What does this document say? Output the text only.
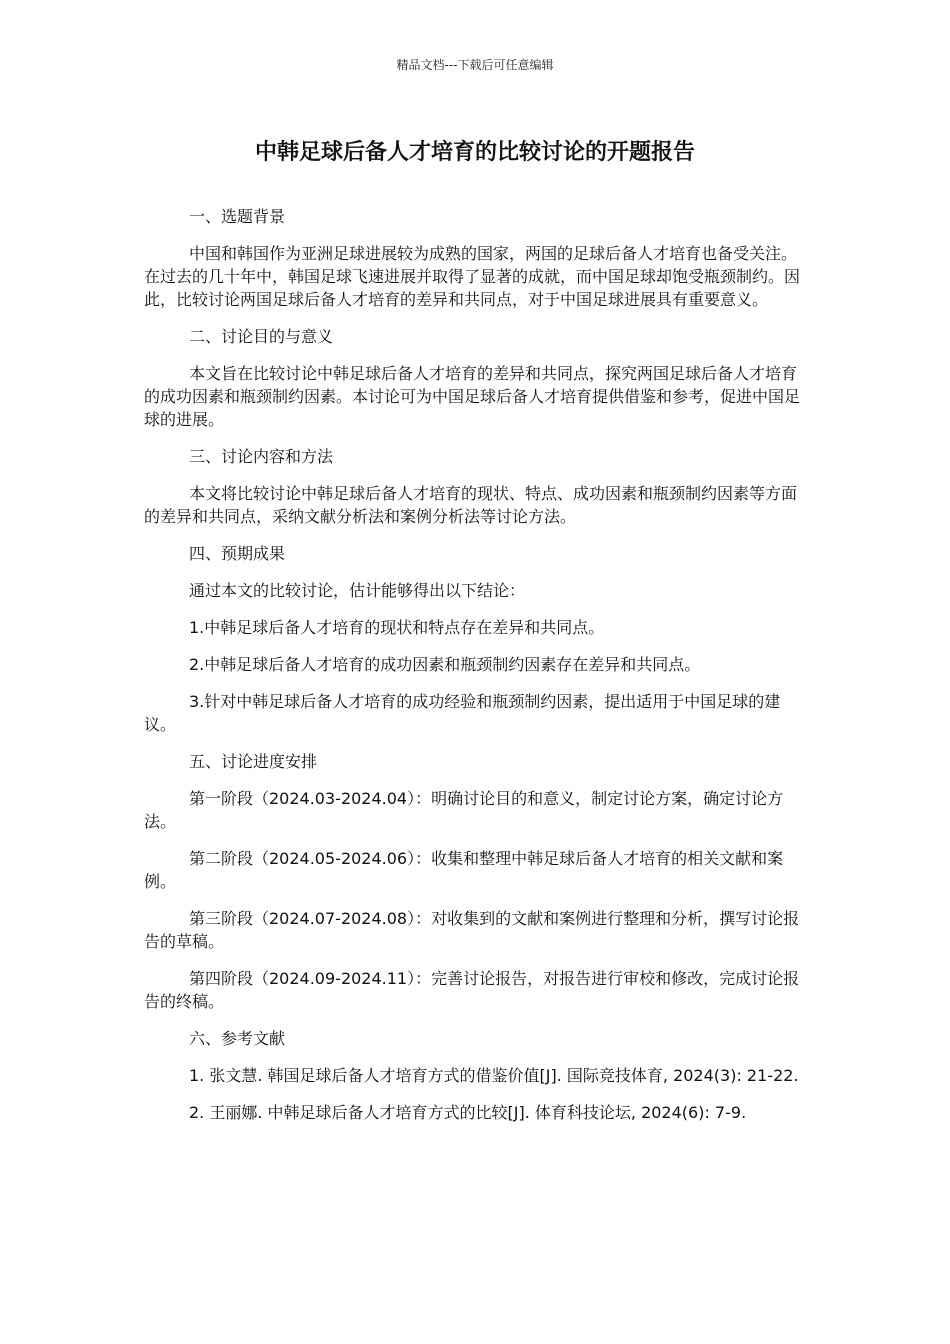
精品文档---下载后可任意编辑
中韩足球后备人才培育的比较讨论的开题报告

一、选题背景

中国和韩国作为亚洲足球进展较为成熟的国家，两国的足球后备人才培育也备受关注。在过去的几十年中，韩国足球飞速进展并取得了显著的成就，而中国足球却饱受瓶颈制约。因此，比较讨论两国足球后备人才培育的差异和共同点，对于中国足球进展具有重要意义。

二、讨论目的与意义

本文旨在比较讨论中韩足球后备人才培育的差异和共同点，探究两国足球后备人才培育的成功因素和瓶颈制约因素。本讨论可为中国足球后备人才培育提供借鉴和参考，促进中国足球的进展。

三、讨论内容和方法

本文将比较讨论中韩足球后备人才培育的现状、特点、成功因素和瓶颈制约因素等方面的差异和共同点，采纳文献分析法和案例分析法等讨论方法。

四、预期成果

通过本文的比较讨论，估计能够得出以下结论：

1.中韩足球后备人才培育的现状和特点存在差异和共同点。

2.中韩足球后备人才培育的成功因素和瓶颈制约因素存在差异和共同点。

3.针对中韩足球后备人才培育的成功经验和瓶颈制约因素，提出适用于中国足球的建议。

五、讨论进度安排

第一阶段（2024.03-2024.04）：明确讨论目的和意义，制定讨论方案，确定讨论方法。

第二阶段（2024.05-2024.06）：收集和整理中韩足球后备人才培育的相关文献和案例。

第三阶段（2024.07-2024.08）：对收集到的文献和案例进行整理和分析，撰写讨论报告的草稿。

第四阶段（2024.09-2024.11）：完善讨论报告，对报告进行审校和修改，完成讨论报告的终稿。

六、参考文献

1. 张文慧. 韩国足球后备人才培育方式的借鉴价值[J]. 国际竞技体育, 2024(3): 21-22.

2. 王丽娜. 中韩足球后备人才培育方式的比较[J]. 体育科技论坛, 2024(6): 7-9.
